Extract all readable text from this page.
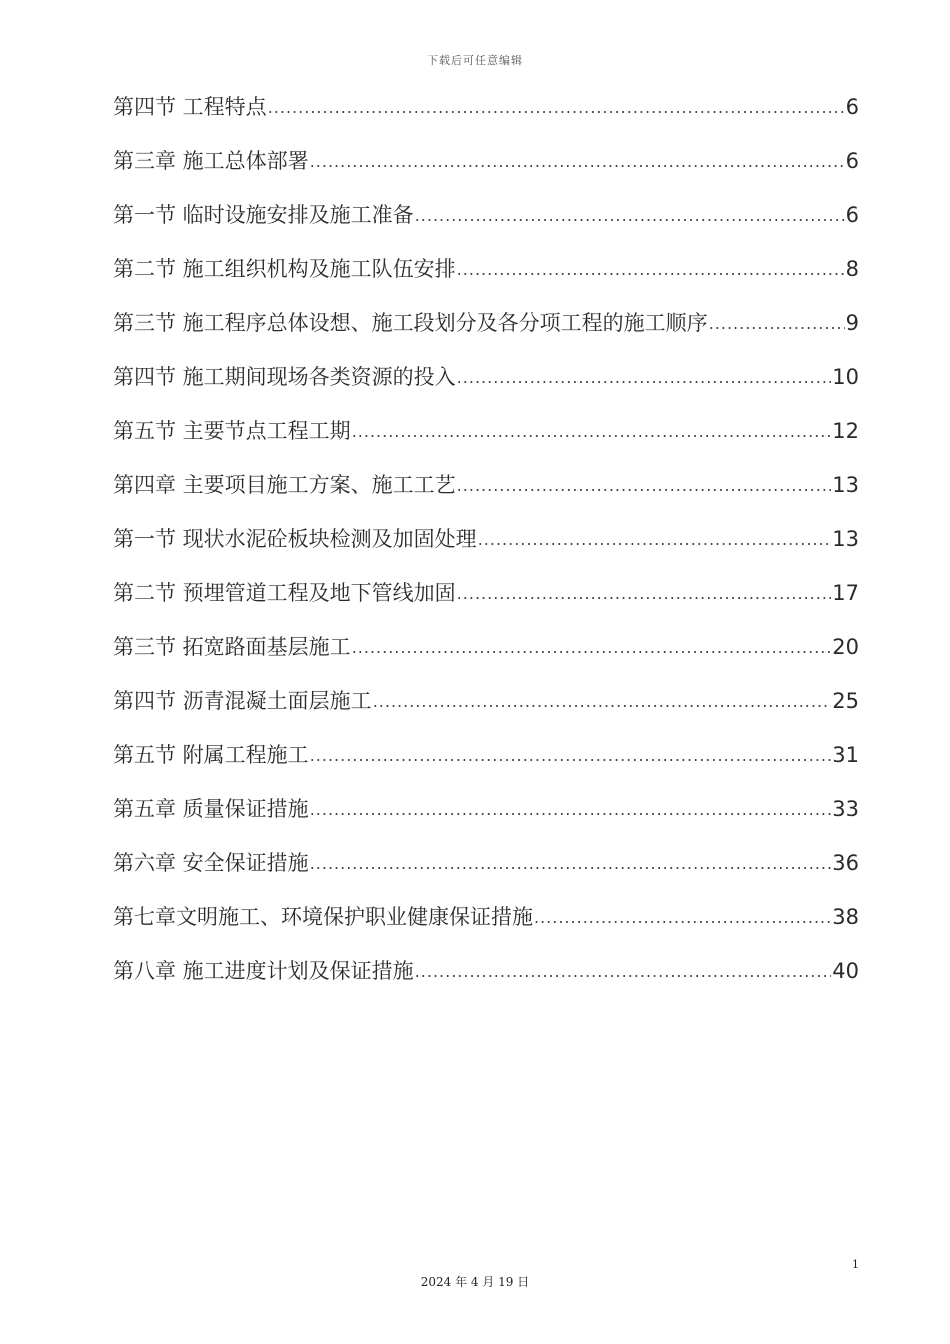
下载后可任意编辑
第四节 工程特点 .....	6
第三章 施工总体部署 .....	6
第一节 临时设施安排及施工准备 .....	6
第二节 施工组织机构及施工队伍安排 .....	8
第三节 施工程序总体设想、施工段划分及各分项工程的施工顺序 .....	9
第四节 施工期间现场各类资源的投入 .....	10
第五节 主要节点工程工期 .....	12
第四章 主要项目施工方案、施工工艺 .....	13
第一节 现状水泥砼板块检测及加固处理 .....	13
第二节 预埋管道工程及地下管线加固 .....	17
第三节 拓宽路面基层施工 .....	20
第四节 沥青混凝土面层施工 .....	25
第五节 附属工程施工 .....	31
第五章 质量保证措施 .....	33
第六章 安全保证措施 .....	36
第七章文明施工、环境保护职业健康保证措施 .....	38
第八章 施工进度计划及保证措施 .....	40
1
2024 年 4 月 19 日
